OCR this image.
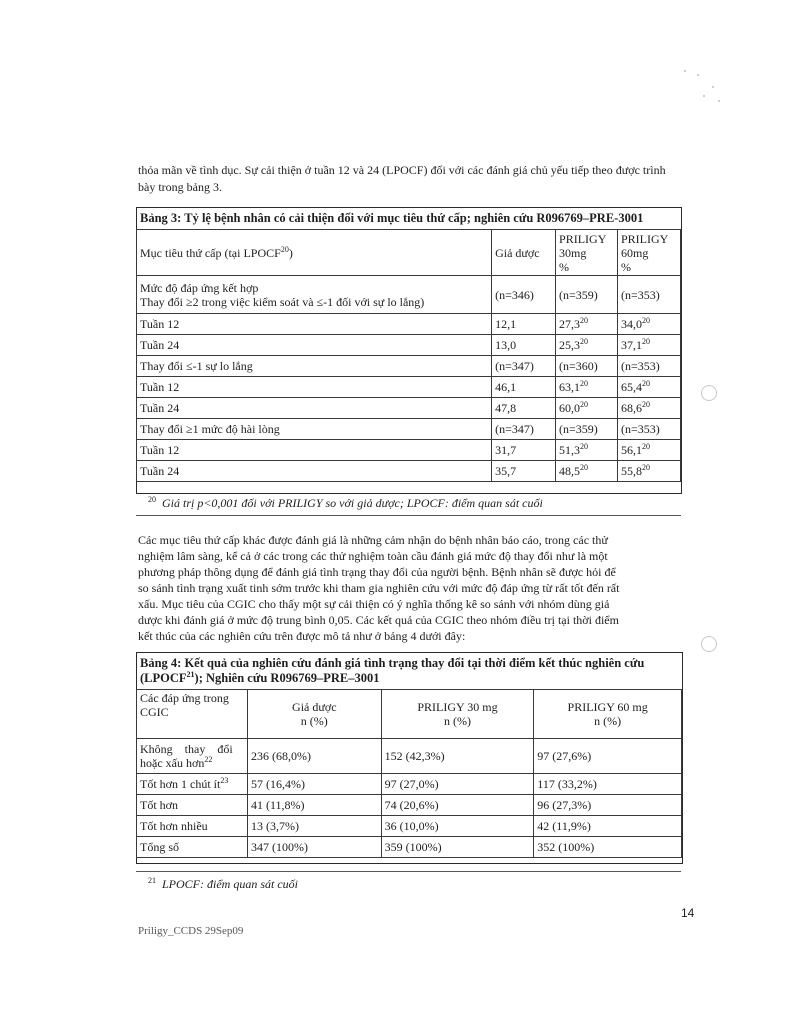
thỏa mãn về tình dục. Sự cải thiện ở tuần 12 và 24 (LPOCF) đối với các đánh giá chủ yếu tiếp theo được trình bày trong bảng 3.
Bảng 3: Tỷ lệ bệnh nhân có cải thiện đối với mục tiêu thứ cấp; nghiên cứu R096769–PRE-3001
Mục tiêu thứ cấp (tại LPOCF$^{20}$)	Giả dược	PRILIGY
30mg
%	PRILIGY
60mg
%
Mức độ đáp ứng kết hợp
Thay đổi ≥2 trong việc kiểm soát và ≤-1 đối với sự lo lắng)	(n=346)	(n=359)	(n=353)
Tuần 12	12,1	27,3$^{20}$	34,0$^{20}$
Tuần 24	13,0	25,3$^{20}$	37,1$^{20}$
Thay đổi ≤-1 sự lo lắng	(n=347)	(n=360)	(n=353)
Tuần 12	46,1	63,1$^{20}$	65,4$^{20}$
Tuần 24	47,8	60,0$^{20}$	68,6$^{20}$
Thay đổi ≥1 mức độ hài lòng	(n=347)	(n=359)	(n=353)
Tuần 12	31,7	51,3$^{20}$	56,1$^{20}$
Tuần 24	35,7	48,5$^{20}$	55,8$^{20}$
$^{20}$ Giá trị p<0,001 đối với PRILIGY so với giả dược; LPOCF: điểm quan sát cuối
Các mục tiêu thứ cấp khác được đánh giá là những cảm nhận do bệnh nhân báo cáo, trong các thử
nghiệm lâm sàng, kể cả ở các trong các thử nghiệm toàn cầu đánh giá mức độ thay đổi như là một
phương pháp thông dụng để đánh giá tình trạng thay đổi của người bệnh. Bệnh nhân sẽ được hỏi để
so sánh tình trạng xuất tinh sớm trước khi tham gia nghiên cứu với mức độ đáp ứng từ rất tốt đến rất
xấu. Mục tiêu của CGIC cho thấy một sự cải thiện có ý nghĩa thống kê so sánh với nhóm dùng giả
dược khi đánh giá ở mức độ trung bình 0,05. Các kết quả của CGIC theo nhóm điều trị tại thời điểm
kết thúc của các nghiên cứu trên được mô tả như ở bảng 4 dưới đây:
Bảng 4: Kết quả của nghiên cứu đánh giá tình trạng thay đổi tại thời điểm kết thúc nghiên cứu
(LPOCF$^{21}$); Nghiên cứu R096769–PRE–3001
Các đáp ứng trong
CGIC	Giả dược
n (%)	PRILIGY 30 mg
n (%)	PRILIGY 60 mg
n (%)
Không    thay    đổi
hoặc xấu hơn$^{22}$	236 (68,0%)	152 (42,3%)	97 (27,6%)
Tốt hơn 1 chút $ít^{23}$	57 (16,4%)	97 (27,0%)	117 (33,2%)
Tốt hơn	41 (11,8%)	74 (20,6%)	96 (27,3%)
Tốt hơn nhiều	13 (3,7%)	36 (10,0%)	42 (11,9%)
Tổng số	347 (100%)	359 (100%)	352 (100%)
$^{21}$ LPOCF: điểm quan sát cuối
14
Priligy_CCDS 29Sep09
